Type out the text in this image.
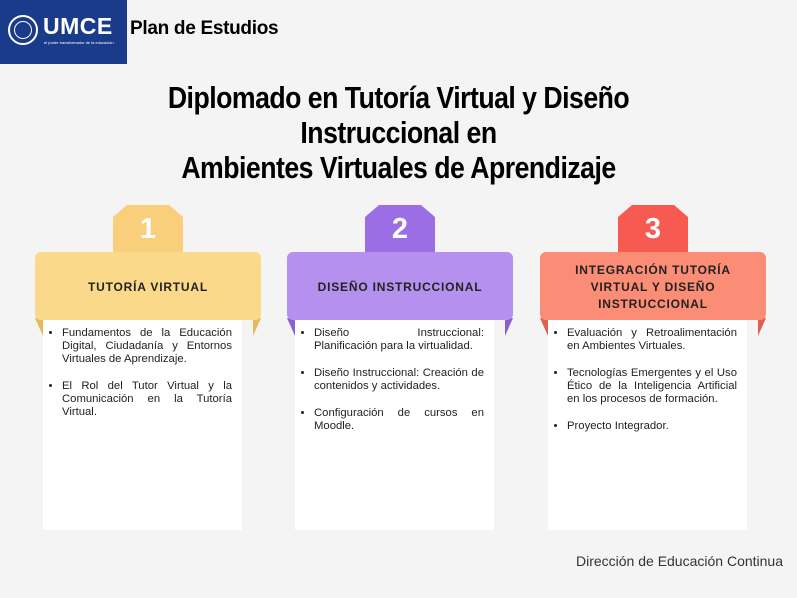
UMCE
el poder transformador de la educación
Plan de Estudios
Diplomado en Tutoría Virtual y Diseño Instruccional en
Ambientes Virtuales de Aprendizaje
1
TUTORÍA VIRTUAL
• Fundamentos de la Educación Digital, Ciudadanía y Entornos Virtuales de Aprendizaje.
• El Rol del Tutor Virtual y la Comunicación en la Tutoría Virtual.
2
DISEÑO INSTRUCCIONAL
• Diseño Instruccional: Planificación para la virtualidad.
• Diseño Instruccional: Creación de contenidos y actividades.
• Configuración de cursos en Moodle.
3
INTEGRACIÓN TUTORÍA VIRTUAL Y DISEÑO INSTRUCCIONAL
• Evaluación y Retroalimentación en Ambientes Virtuales.
• Tecnologías Emergentes y el Uso Ético de la Inteligencia Artificial en los procesos de formación.
• Proyecto Integrador.
Dirección de Educación Continua
